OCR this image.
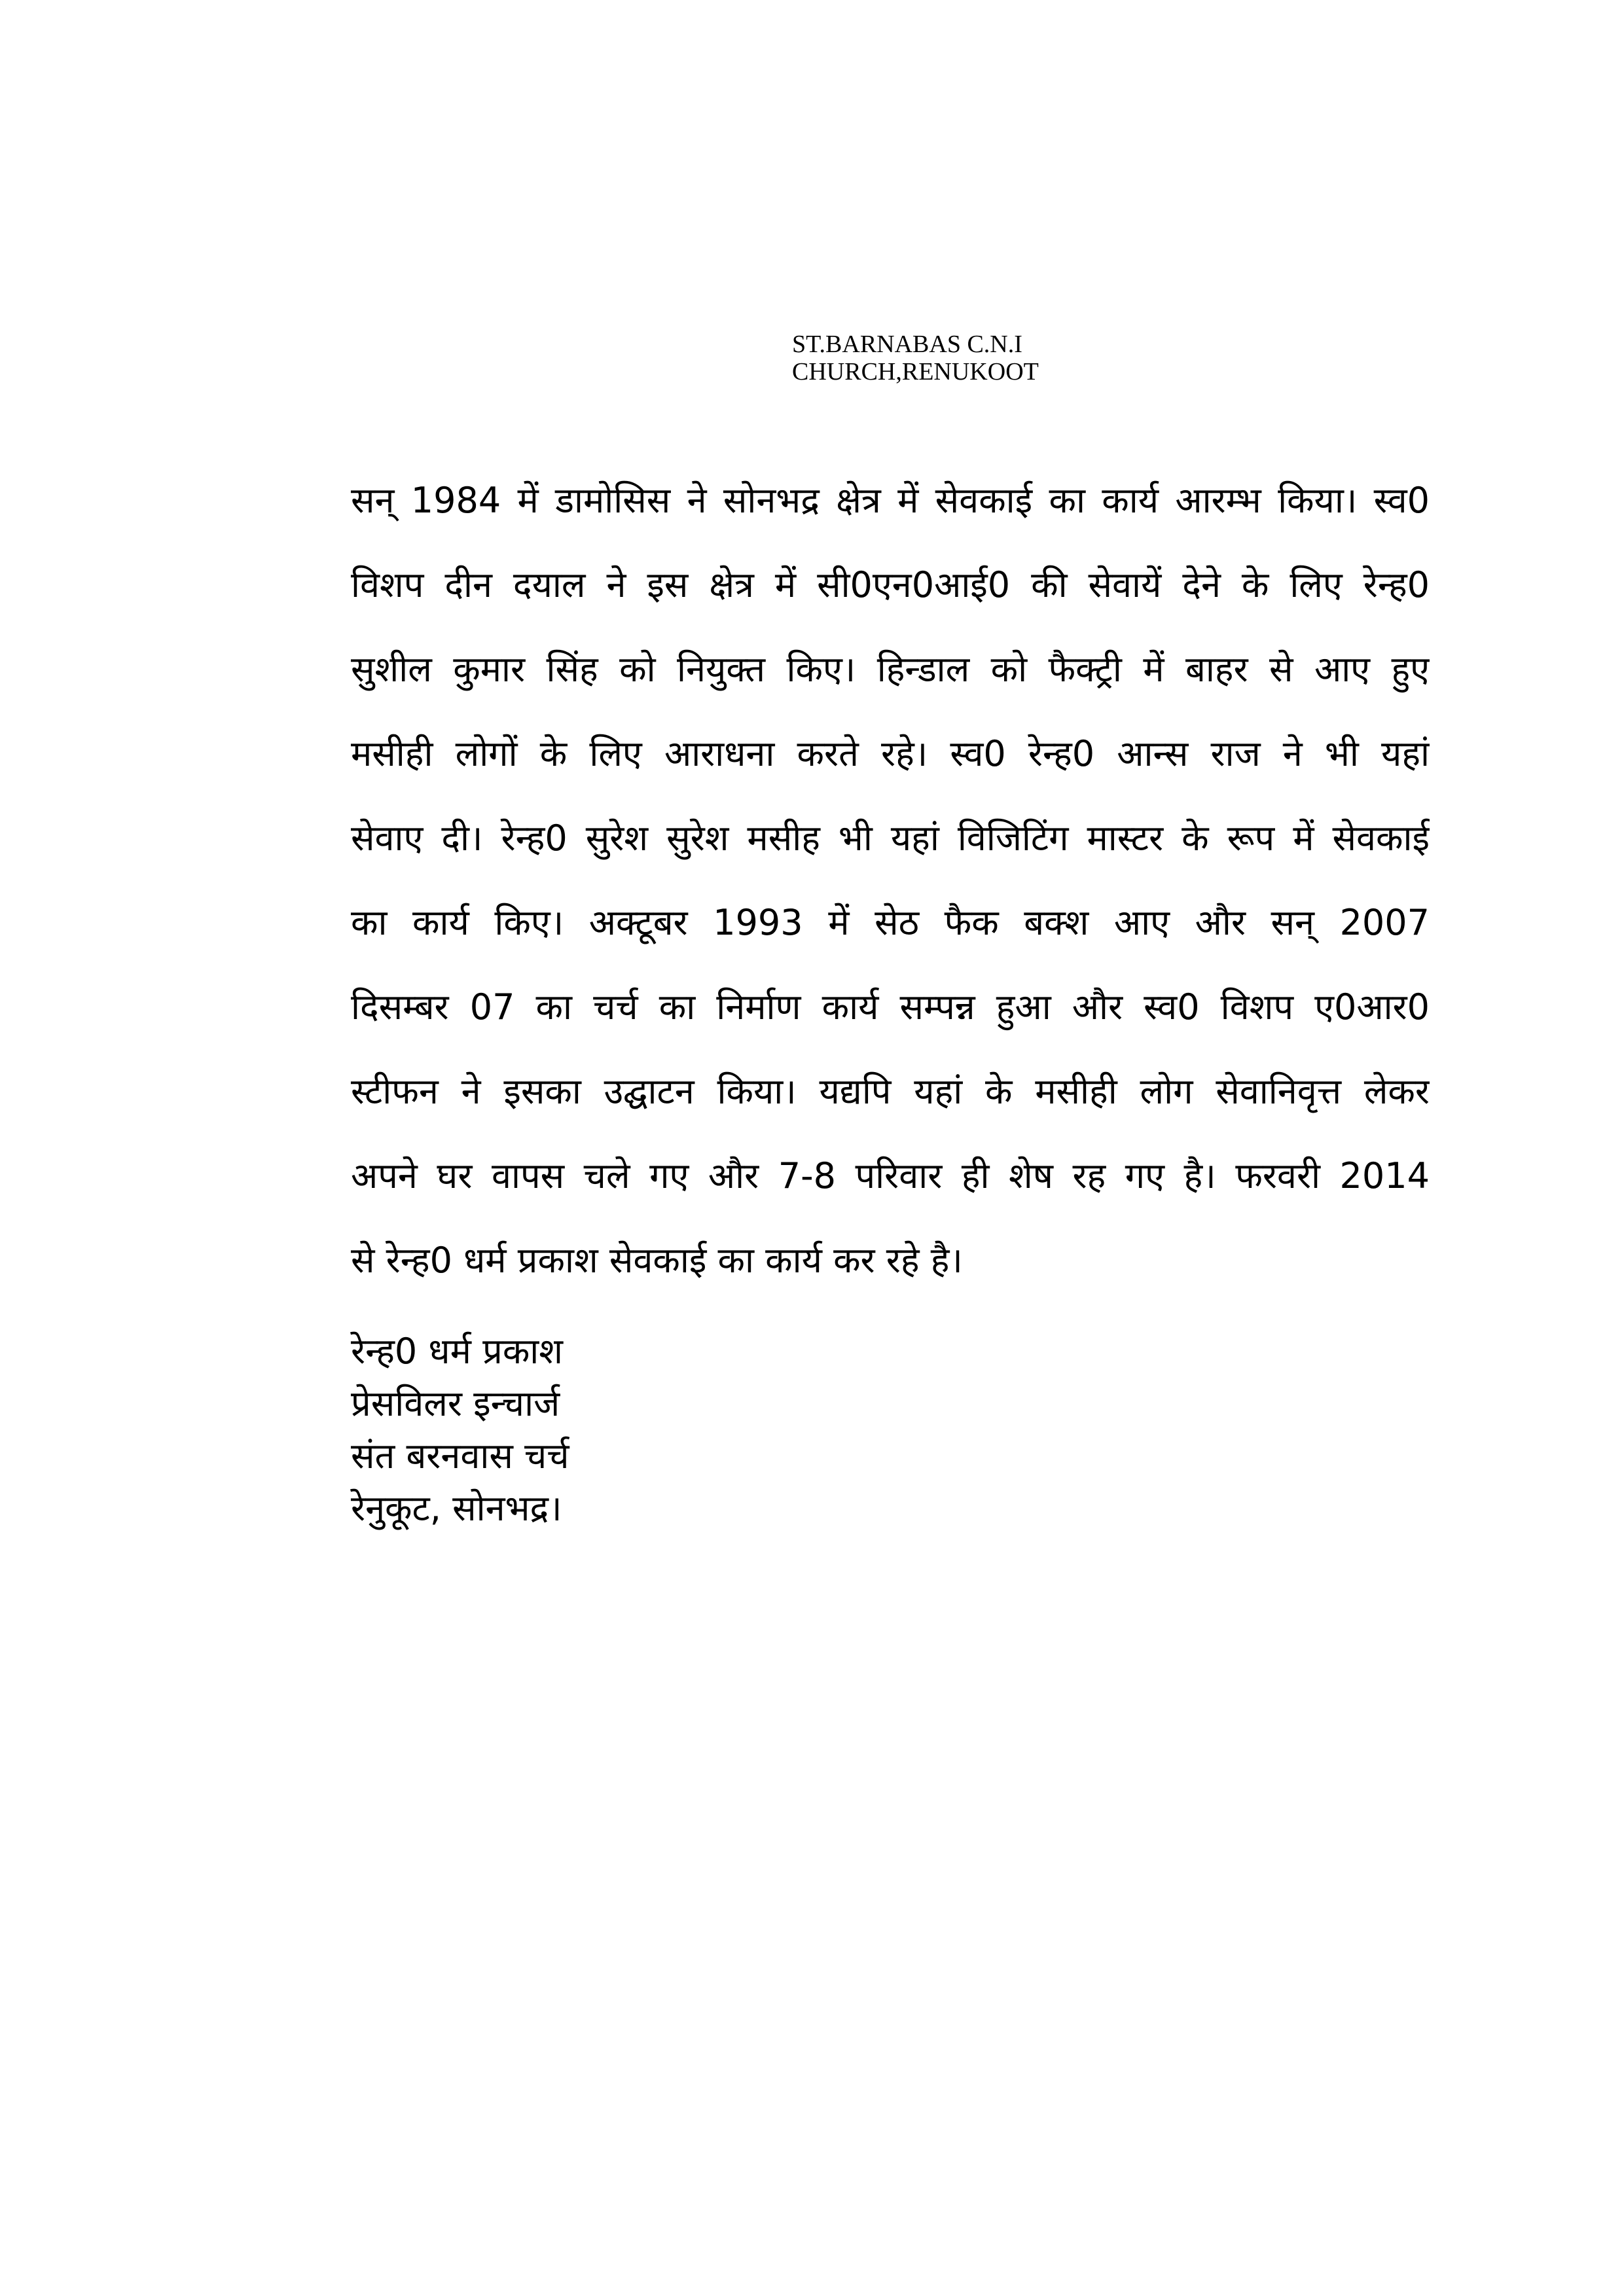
ST.BARNABAS C.N.I
CHURCH,RENUKOOT
सन् 1984 में डामोसिस ने सोनभद्र क्षेत्र में सेवकाई का कार्य आरम्भ किया। स्व0
विशप दीन दयाल ने इस क्षेत्र में सी0एन0आई0 की सेवायें देने के लिए रेन्ह0
सुशील कुमार सिंह को नियुक्त किए। हिन्डाल को फैक्ट्री में बाहर से आए हुए
मसीही लोगों के लिए आराधना करते रहे। स्व0 रेन्ह0 आन्स राज ने भी यहां
सेवाए दी। रेन्ह0 सुरेश सुरेश मसीह भी यहां विजिटिंग मास्टर के रूप में सेवकाई
का कार्य किए। अक्टूबर 1993 में सेठ फैक बक्श आए और सन् 2007
दिसम्बर 07 का चर्च का निर्माण कार्य सम्पन्न हुआ और स्व0 विशप ए0आर0
स्टीफन ने इसका उद्घाटन किया। यद्यपि यहां के मसीही लोग सेवानिवृत्त लेकर
अपने घर वापस चले गए और 7-8 परिवार ही शेष रह गए है। फरवरी 2014
से रेन्ह0 धर्म प्रकाश सेवकाई का कार्य कर रहे है।
रेन्ह0 धर्म प्रकाश
प्रेसविलर इन्चार्ज
संत बरनवास चर्च
रेनुकूट, सोनभद्र।
